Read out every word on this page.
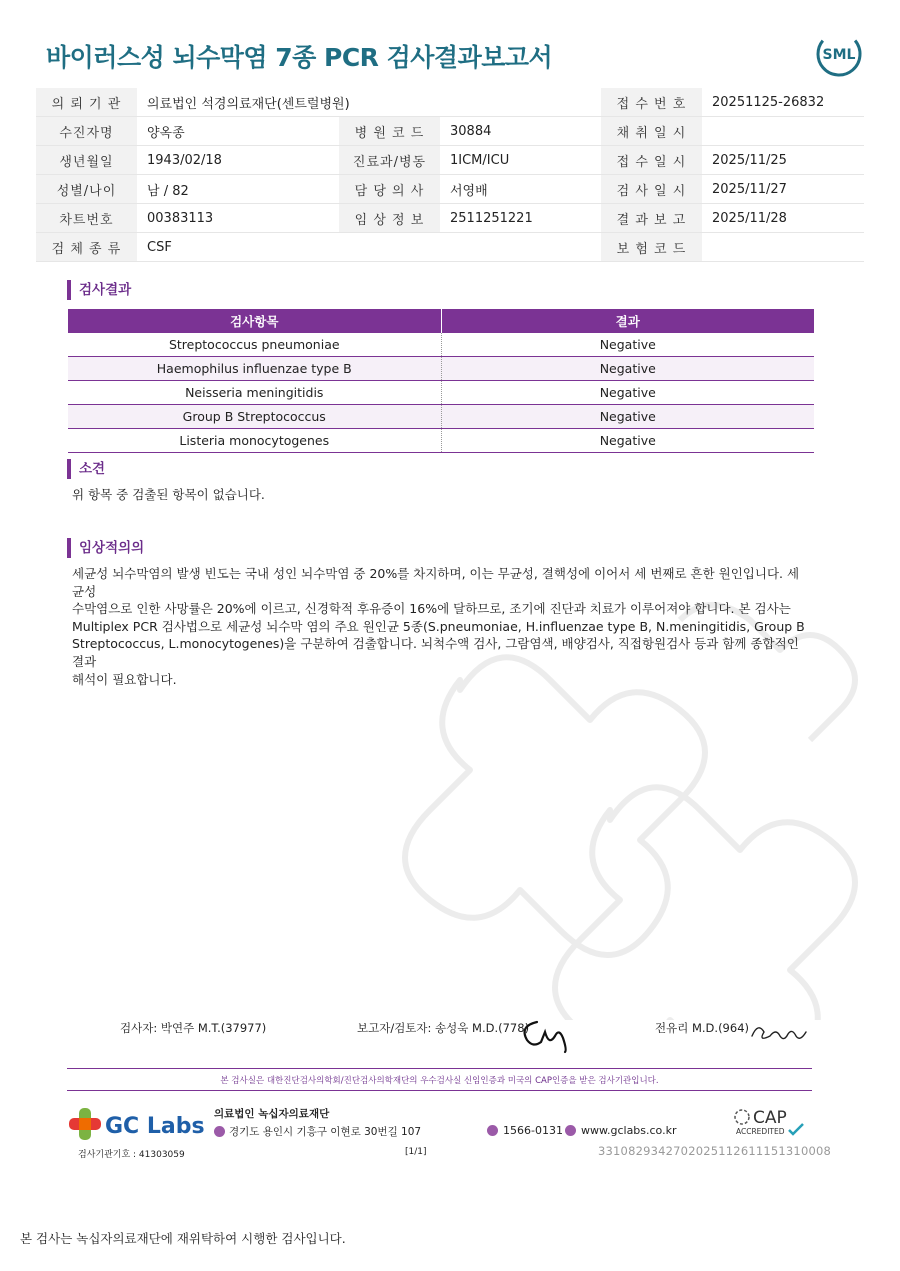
바이러스성 뇌수막염 7종 PCR 검사결과보고서	SML
의 뢰 기 관	의료법인 석경의료재단(센트럴병원)			접 수 번 호	20251125-26832
수진자명	양옥종	병 원 코 드	30884	채 취 일 시	
생년월일	1943/02/18	진료과/병동	1ICM/ICU	접 수 일 시	2025/11/25
성별/나이	남 / 82	담 당 의 사	서영배	검 사 일 시	2025/11/27
차트번호	00383113	임 상 정 보	2511251221	결 과 보 고	2025/11/28
검 체 종 류	CSF			보 험 코 드	
검사결과
검사항목	결과
Streptococcus pneumoniae	Negative
Haemophilus influenzae type B	Negative
Neisseria meningitidis	Negative
Group B Streptococcus	Negative
Listeria monocytogenes	Negative
소견
위 항목 중 검출된 항목이 없습니다.
임상적의의
세균성 뇌수막염의 발생 빈도는 국내 성인 뇌수막염 중 20%를 차지하며, 이는 무균성, 결핵성에 이어서 세 번째로 흔한 원인입니다. 세균성
수막염으로 인한 사망률은 20%에 이르고, 신경학적 후유증이 16%에 달하므로, 조기에 진단과 치료가 이루어져야 합니다. 본 검사는
Multiplex PCR 검사법으로 세균성 뇌수막 염의 주요 원인균 5종(S.pneumoniae, H.influenzae type B, N.meningitidis, Group B
Streptococcus, L.monocytogenes)을 구분하여 검출합니다. 뇌척수액 검사, 그람염색, 배양검사, 직접항원검사 등과 함께 종합적인 결과
해석이 필요합니다.
검사자: 박연주 M.T.(37977)	보고자/검토자: 송성욱 M.D.(778)	전유리 M.D.(964)
본 검사실은 대한진단검사의학회/진단검사의학재단의 우수검사실 신임인증과 미국의 CAP인증을 받은 검사기관입니다.
GC Labs 의료법인 녹십자의료재단
경기도 용인시 기흥구 이현로 30번길 107	1566-0131 www.gclabs.co.kr
CAP
ACCREDITED
검사기관기호 : 41303059	[1/1]	3310829342702025112611151310008
본 검사는 녹십자의료재단에 재위탁하여 시행한 검사입니다.
